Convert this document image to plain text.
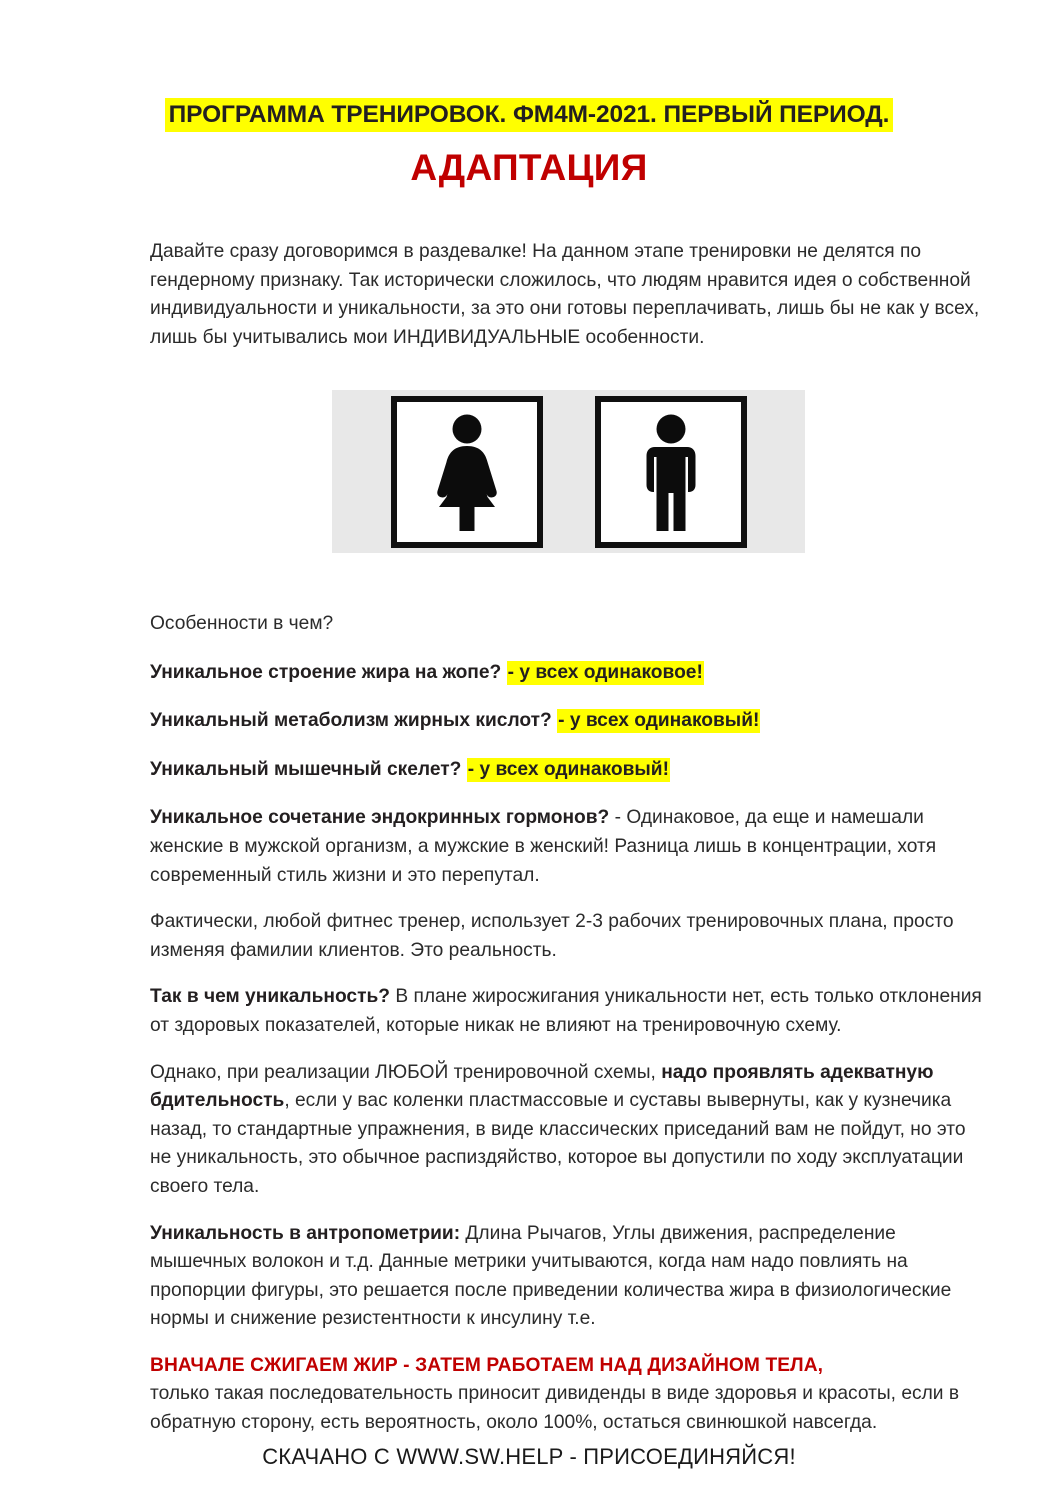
ПРОГРАММА ТРЕНИРОВОК. ФМ4М-2021. ПЕРВЫЙ ПЕРИОД.
АДАПТАЦИЯ

Давайте сразу договоримся в раздевалке! На данном этапе тренировки не делятся по гендерному признаку. Так исторически сложилось, что людям нравится идея о собственной индивидуальности и уникальности, за это они готовы переплачивать, лишь бы не как у всех, лишь бы учитывались мои ИНДИВИДУАЛЬНЫЕ особенности.

Особенности в чем?

Уникальное строение жира на жопе? - у всех одинаковое!

Уникальный метаболизм жирных кислот? - у всех одинаковый!

Уникальный мышечный скелет? - у всех одинаковый!

Уникальное сочетание эндокринных гормонов? - Одинаковое, да еще и намешали женские в мужской организм, а мужские в женский! Разница лишь в концентрации, хотя современный стиль жизни и это перепутал.

Фактически, любой фитнес тренер, использует 2-3 рабочих тренировочных плана, просто изменяя фамилии клиентов. Это реальность.

Так в чем уникальность? В плане жиросжигания уникальности нет, есть только отклонения от здоровых показателей, которые никак не влияют на тренировочную схему.

Однако, при реализации ЛЮБОЙ тренировочной схемы, надо проявлять адекватную бдительность, если у вас коленки пластмассовые и суставы вывернуты, как у кузнечика назад, то стандартные упражнения, в виде классических приседаний вам не пойдут, но это не уникальность, это обычное распиздяйство, которое вы допустили по ходу эксплуатации своего тела.

Уникальность в антропометрии: Длина Рычагов, Углы движения, распределение мышечных волокон и т.д. Данные метрики учитываются, когда нам надо повлиять на пропорции фигуры, это решается после приведении количества жира в физиологические нормы и снижение резистентности к инсулину т.е.

ВНАЧАЛЕ СЖИГАЕМ ЖИР - ЗАТЕМ РАБОТАЕМ НАД ДИЗАЙНОМ ТЕЛА,

только такая последовательность приносит дивиденды в виде здоровья и красоты, если в обратную сторону, есть вероятность, около 100%, остаться свинюшкой навсегда.

СКАЧАНО С WWW.SW.HELP - ПРИСОЕДИНЯЙСЯ!
